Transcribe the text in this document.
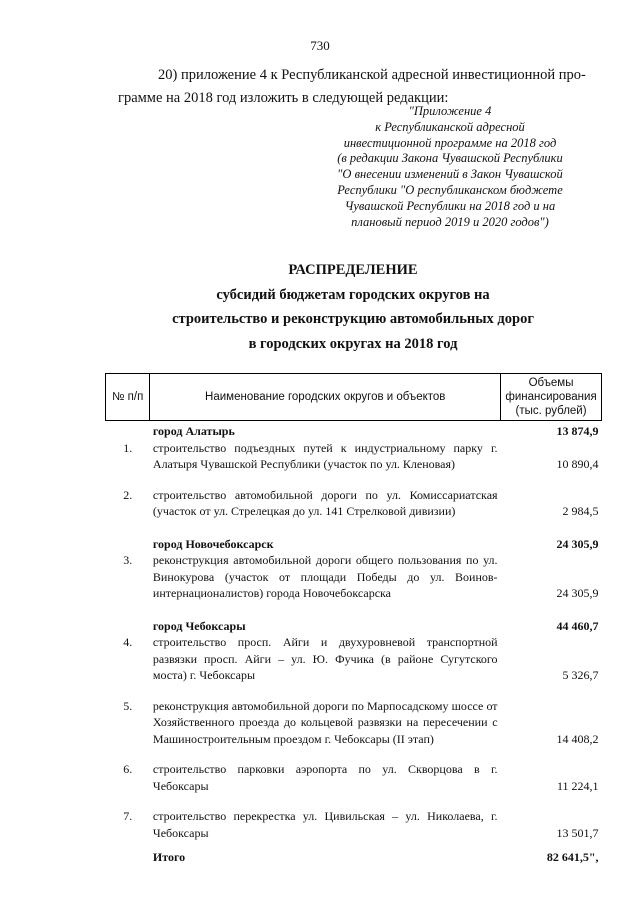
730
20) приложение 4 к Республиканской адресной инвестиционной про-
грамме на 2018 год изложить в следующей редакции:
"Приложение 4
к Республиканской адресной
инвестиционной программе на 2018 год
(в редакции Закона Чувашской Республики
"О внесении изменений в Закон Чувашской
Республики "О республиканском бюджете
Чувашской Республики на 2018 год и на
плановый период 2019 и 2020 годов")
РАСПРЕДЕЛЕНИЕ
субсидий бюджетам городских округов на
строительство и реконструкцию автомобильных дорог
в городских округах на 2018 год
№ п/п	Наименование городских округов и объектов	Объемы финансирования (тыс. рублей)
	город Алатырь	13 874,9
1.	строительство подъездных путей к индустриальному парку г. Алатыря Чувашской Республики (участок по ул. Кленовая)	10 890,4

2.	строительство автомобильной дороги по ул. Комиссариатская (участок от ул. Стрелецкая до ул. 141 Стрелковой дивизии)	2 984,5

	город Новочебоксарск	24 305,9
3.	реконструкция автомобильной дороги общего пользования по ул. Винокурова (участок от площади Победы до ул. Воинов-интернационалистов) города Новочебоксарска	24 305,9

	город Чебоксары	44 460,7
4.	строительство просп. Айги и двухуровневой транспортной развязки просп. Айги – ул. Ю. Фучика (в районе Сугутского моста) г. Чебоксары	5 326,7

5.	реконструкция автомобильной дороги по Марпосадскому шоссе от Хозяйственного проезда до кольцевой развязки на пересечении с Машиностроительным проездом г. Чебоксары (II этап)	14 408,2

6.	строительство парковки аэропорта по ул. Скворцова в г. Чебоксары	11 224,1

7.	строительство перекрестка ул. Цивильская – ул. Николаева, г. Чебоксары	13 501,7
	Итого	82 641,5",
